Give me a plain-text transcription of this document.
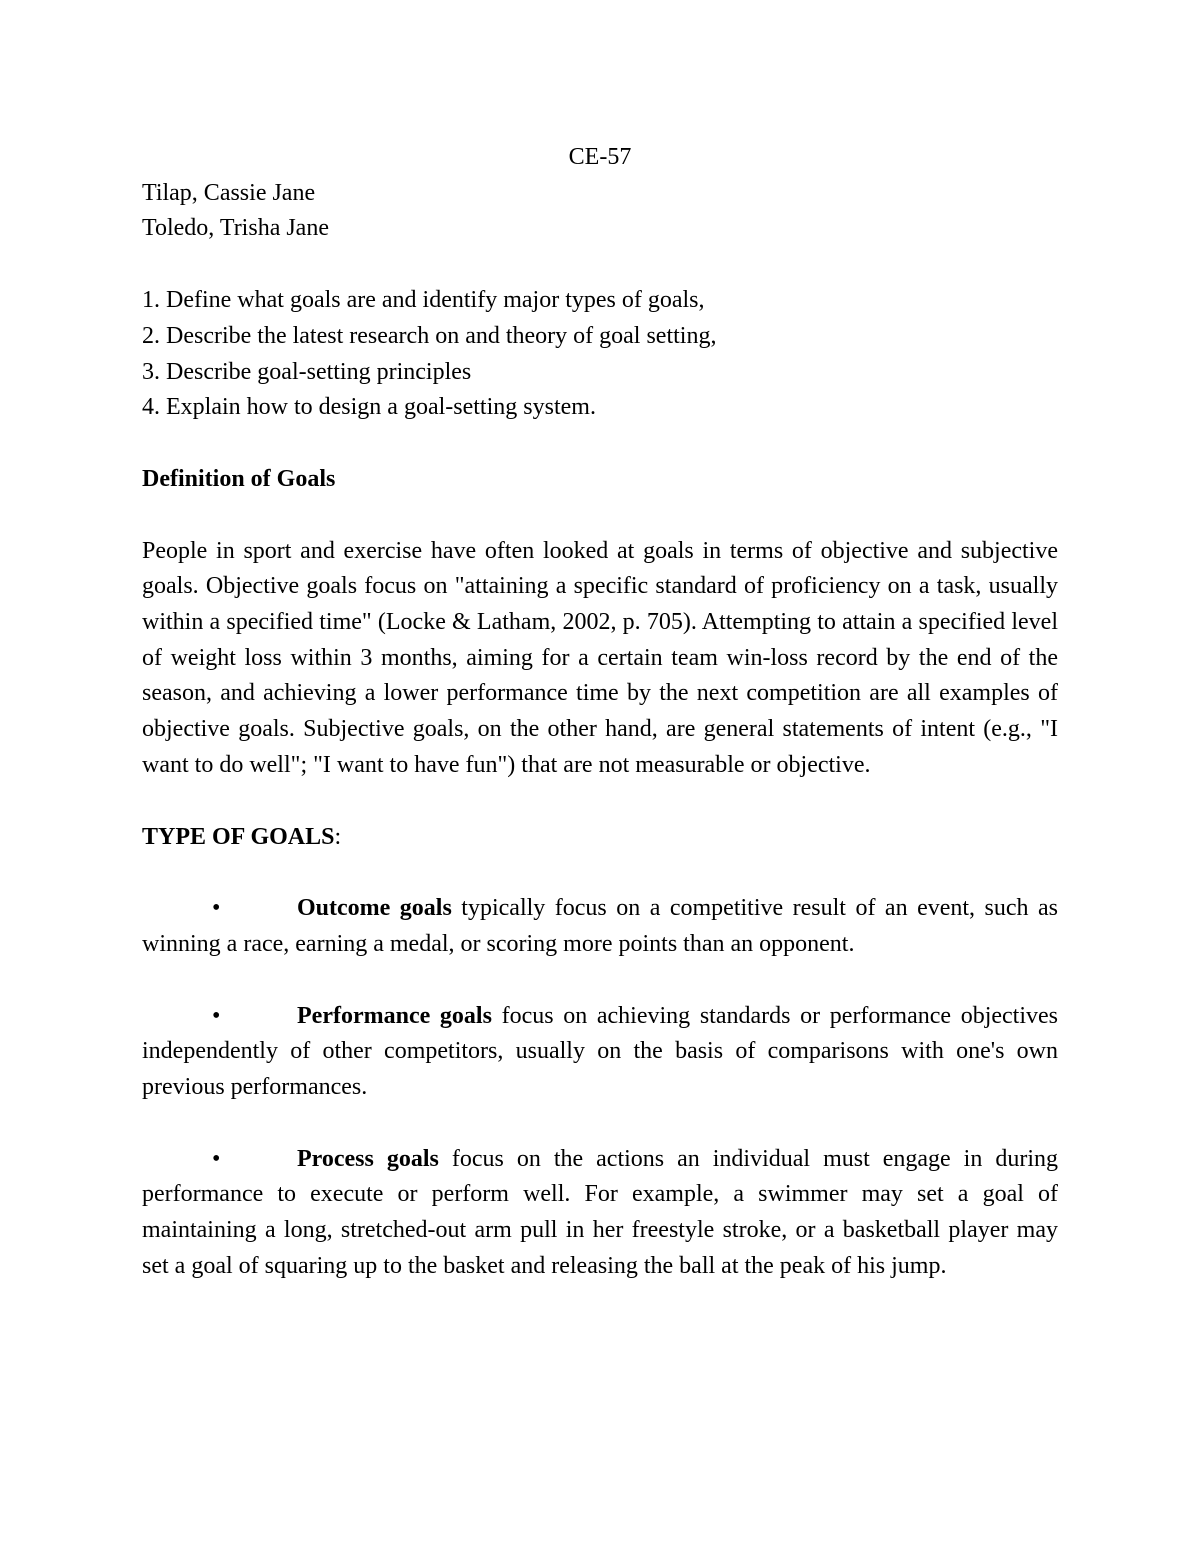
CE-57

Tilap, Cassie Jane

Toledo, Trisha Jane

1. Define what goals are and identify major types of goals,

2. Describe the latest research on and theory of goal setting,

3. Describe goal-setting principles

4. Explain how to design a goal-setting system.

Definition of Goals

People in sport and exercise have often looked at goals in terms of objective and subjective goals. Objective goals focus on "attaining a specific standard of proficiency on a task, usually within a specified time" (Locke & Latham, 2002, p. 705). Attempting to attain a specified level of weight loss within 3 months, aiming for a certain team win-loss record by the end of the season, and achieving a lower performance time by the next competition are all examples of objective goals. Subjective goals, on the other hand, are general statements of intent (e.g., "I want to do well"; "I want to have fun") that are not measurable or objective.

TYPE OF GOALS:

•	Outcome goals typically focus on a competitive result of an event, such as winning a race, earning a medal, or scoring more points than an opponent.

•	Performance goals focus on achieving standards or performance objectives independently of other competitors, usually on the basis of comparisons with one's own previous performances.

•	Process goals focus on the actions an individual must engage in during performance to execute or perform well. For example, a swimmer may set a goal of maintaining a long, stretched-out arm pull in her freestyle stroke, or a basketball player may set a goal of squaring up to the basket and releasing the ball at the peak of his jump.
